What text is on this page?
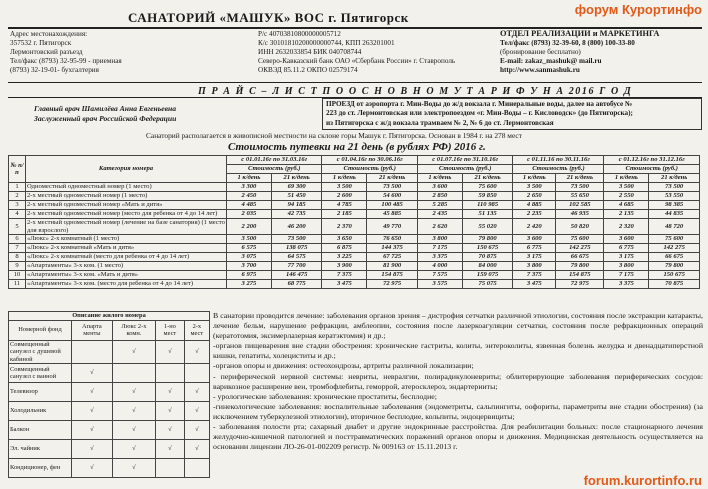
форум Курортинфо
forum.kurortinfo.ru
САНАТОРИЙ «МАШУК» ВОС г. Пятигорск
Адрес местонахождения:
357532 г. Пятигорск
Лермонтовский разъезд
Тел/факс (8793) 32-95-99 - приемная
(8793) 32-19-01- бухгалтерия
Р/с 40703810800000005712
К/с 30101810200000000744, КПП 263201001
ИНН 2632033854 БИК 040708744
Северо-Кавказский банк ОАО «Сбербанк России» г. Ставрополь
ОКВЭД 85.11.2 ОКПО 02579174
ОТДЕЛ РЕАЛИЗАЦИИ и МАРКЕТИНГА
Тел/факс (8793) 32-39-60, 8 (800) 100-33-80
(бронирование бесплатно)
E-mail: zakaz_mashuk@ mail.ru
http://www.sanmashuk.ru
П Р А Й С – Л И С Т П О О С Н О В Н О М У Т А Р И Ф У Н А 2016 Г О Д
Главный врач Шамилёва Анна Евгеньевна
Заслуженный врач Российской Федерации
ПРОЕЗД от аэропорта г. Мин-Воды до ж/д вокзала г. Минеральные воды, далее на автобусе №
223 до ст. Лермонтовская или электропоездом «г. Мин-Воды – г. Кисловодск» (до Пятигорска);
из Пятигорска с ж/д вокзала трамваем № 2, № 6 до ст. Лермонтовская
Санаторий располагается в живописной местности на склоне горы Машук г. Пятигорска. Основан в 1984 г. на 278 мест
Стоимость путевки на 21 день (в рублях РФ) 2016 г.
№ п/п	Категория номера	с 01.01.16г по 31.03.16г		с 01.04.16г по 30.06.16г		с 01.07.16г по 31.10.16г		с 01.11.16 по 30.11.16г		с 01.12.16г по 31.12.16г	
		Стоимость (руб.)		Стоимость (руб.)		Стоимость (руб.)		Стоимость (руб.)		Стоимость (руб.)	
		1 к/день	21 к/день	1 к/день	21 к/день	1 к/день	21 к/день	1 к/день	21 к/день	1 к/день	21 к/день
1	Одноместный одноместный номер (1 место)	3 300	69 300	3 500	73 500	3 600	75 600	3 500	73 500	3 500	73 500
2	2-х местный одноместный номер (1 место)	2 450	51 450	2 600	54 600	2 850	59 850	2 650	55 650	2 550	53 550
3	2-х местный одноместный номер «Мать и дитя»	4 485	94 185	4 785	100 485	5 285	110 985	4 885	102 585	4 685	98 385
4	2-х местный одноместный номер (место для ребенка от 4 до 14 лет)	2 035	42 735	2 185	45 885	2 435	51 135	2 235	46 935	2 135	44 835
5	2-х местный одноместный номер (лечение на базе санатория) (1 место для взрослого)	2 200	46 200	2 370	49 770	2 620	55 020	2 420	50 820	2 320	48 720
6	«Люкс» 2-х комнатный (1 место)	3 500	73 500	3 650	76 650	3 800	79 800	3 600	75 600	3 600	75 600
7	«Люкс» 2-х комнатный «Мать и дитя»	6 575	138 075	6 875	144 375	7 175	150 675	6 775	142 275	6 775	142 275
8	«Люкс» 2-х комнатный (место для ребенка от 4 до 14 лет)	3 075	64 575	3 225	67 725	3 375	70 875	3 175	66 675	3 175	66 675
9	«Апартаменты» 3-х ком. (1 место)	3 700	77 700	3 900	81 900	4 000	84 000	3 800	79 800	3 800	79 800
10	«Апартаменты» 3-х ком. «Мать и дитя»	6 975	146 475	7 375	154 875	7 575	159 075	7 375	154 875	7 175	150 675
11	«Апартаменты» 3-х ком. (место для ребенка от 4 до 14 лет)	3 275	68 775	3 475	72 975	3 575	75 075	3 475	72 975	3 375	70 875
Описание жилого номера				
Номерной фонд	Апарта менты	Люкс 2-х комн.	1-но мест	2-х мест
Совмещенный санузел с душевой кабиной		√	√	√
Совмещенный санузел с ванной	√			
Телевизор	√	√	√	√
Холодильник	√	√	√	√
Балкон	√	√	√	√
Эл. чайник	√	√	√	√
Кондиционер, фен	√	√		

В санатории проводится лечение: заболевания органов зрения – дистрофия сетчатки различной этиологии, состояния после экстракции катаракты, лечение бельм, нарушение рефракции, амблеопии, состояния после лазеркоагуляции сетчатки, состояния после рефракционных операций (кератотомия, эксимерлазерная кератэктомия) и др.;

-органов пищеварения вне стадии обострения: хронические гастриты, колиты, энтероколиты, язвенная болезнь желудка и двенадцатиперстной кишки, гепатиты, холециститы и др.;

-органов опоры и движения: остеохондрозы, артриты различной локализации;

- периферической нервной системы: невриты, невралгии, полирадикулоневриты; облитерирующие заболевания периферических сосудов: варикозное расширение вен, тромбофлебиты, геморрой, атеросклероз, эндартерииты;

- урологические заболевания: хронические простатиты, бесплодие;

-гинекологические заболевания: воспалительные заболевания (эндометриты, сальпингиты, оофориты, параметриты вне стадии обострения) (за исключением туберкулезной этиологии), вторичное бесплодие, кольпиты, эндоцервициты;

- заболевания полости рта; сахарный диабет и другие эндокринные расстройства. Для реабилитации больных: после стационарного лечения желудочно-кишечной патологией и посттравматических поражений органов опоры и движения. Медицинская деятельность осуществляется на основании лицензии ЛО-26-01-002209 регистр. № 009163 от 15.11.2013 г.
